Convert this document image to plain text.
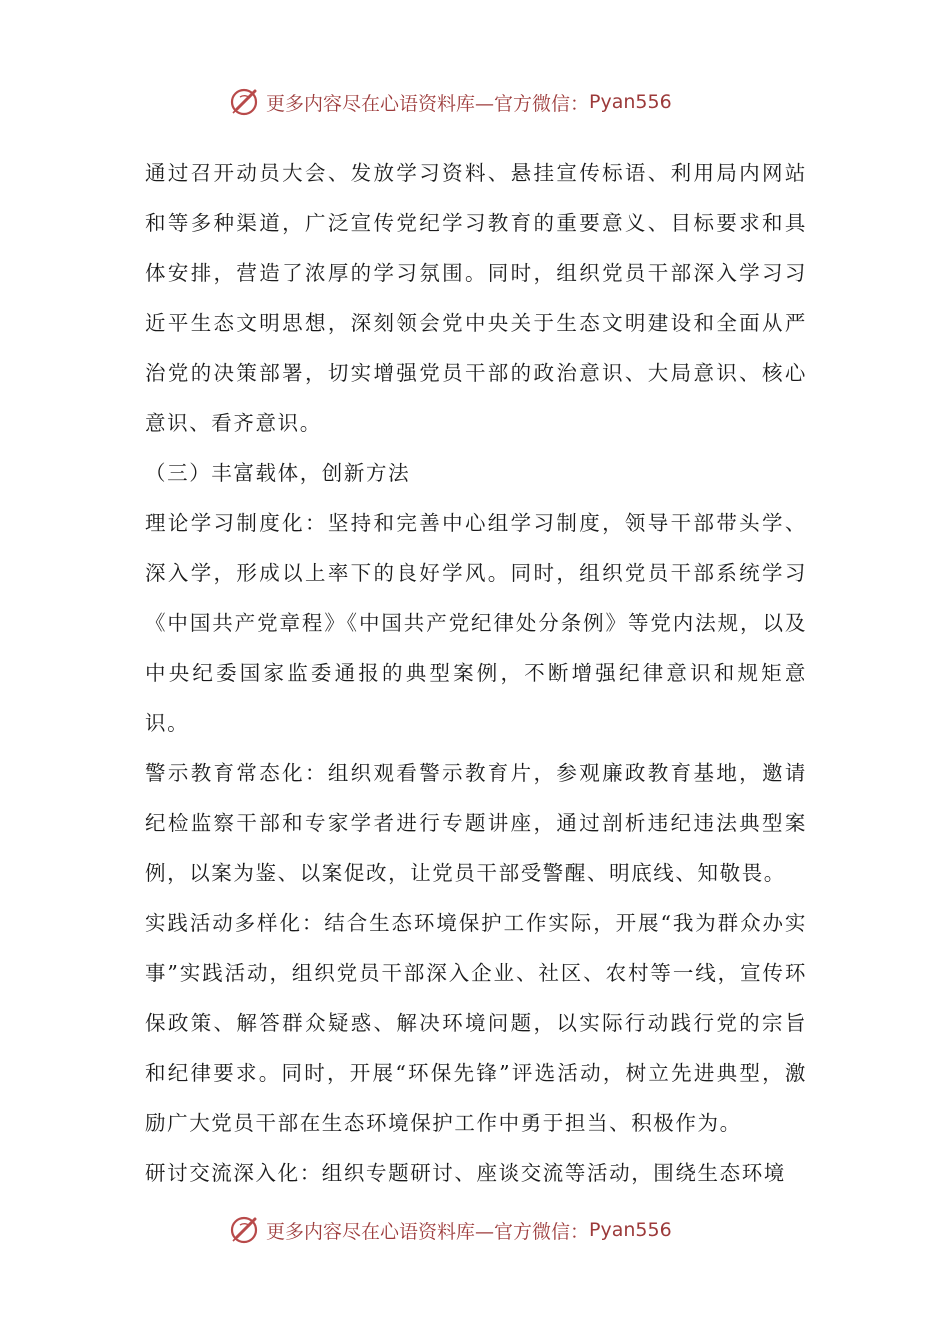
更多内容尽在心语资料库—官方微信： Pyan556

通过召开动员大会、发放学习资料、悬挂宣传标语、利用局内网站和等多种渠道，广泛宣传党纪学习教育的重要意义、目标要求和具体安排，营造了浓厚的学习氛围。同时，组织党员干部深入学习习近平生态文明思想，深刻领会党中央关于生态文明建设和全面从严治党的决策部署，切实增强党员干部的政治意识、大局意识、核心意识、看齐意识。

（三）丰富载体，创新方法

理论学习制度化：坚持和完善中心组学习制度，领导干部带头学、深入学，形成以上率下的良好学风。同时，组织党员干部系统学习《中国共产党章程》《中国共产党纪律处分条例》等党内法规，以及中央纪委国家监委通报的典型案例，不断增强纪律意识和规矩意识。

警示教育常态化：组织观看警示教育片，参观廉政教育基地，邀请纪检监察干部和专家学者进行专题讲座，通过剖析违纪违法典型案例，以案为鉴、以案促改，让党员干部受警醒、明底线、知敬畏。

实践活动多样化：结合生态环境保护工作实际，开展“我为群众办实事”实践活动，组织党员干部深入企业、社区、农村等一线，宣传环保政策、解答群众疑惑、解决环境问题，以实际行动践行党的宗旨和纪律要求。同时，开展“环保先锋”评选活动，树立先进典型，激励广大党员干部在生态环境保护工作中勇于担当、积极作为。

研讨交流深入化：组织专题研讨、座谈交流等活动，围绕生态环境

更多内容尽在心语资料库—官方微信： Pyan556
